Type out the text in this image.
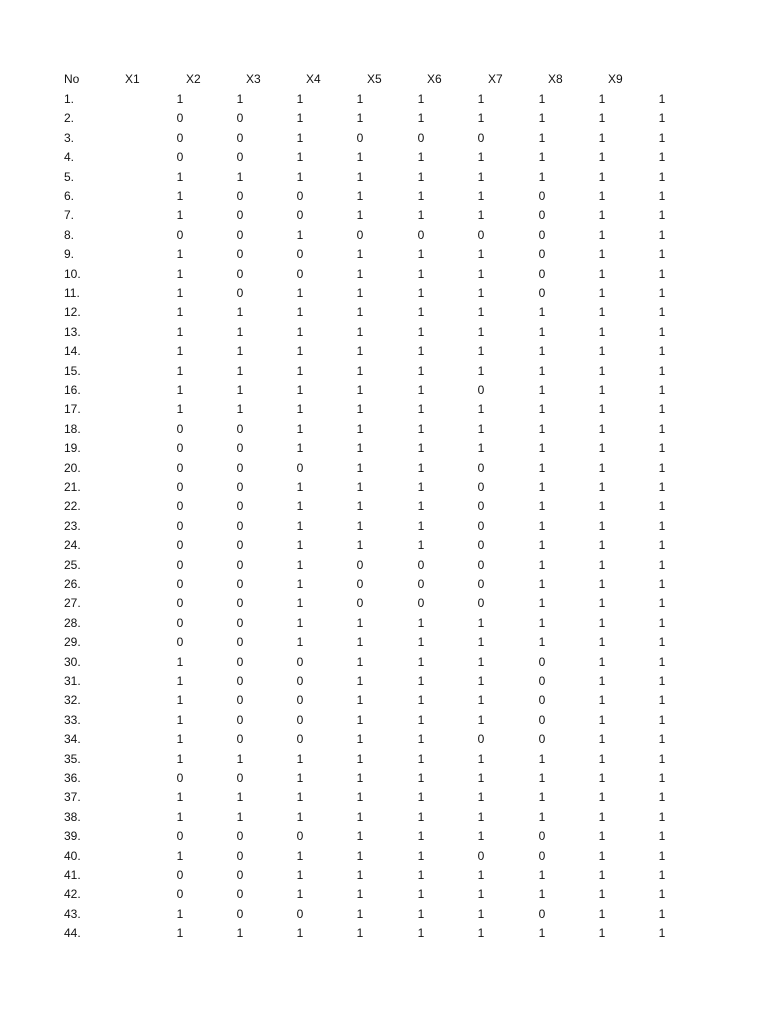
No	X1	X2	X3	X4	X5	X6	X7	X8	X9
1.	1	1	1	1	1	1	1	1	1
2.	0	0	1	1	1	1	1	1	1
3.	0	0	1	0	0	0	1	1	1
4.	0	0	1	1	1	1	1	1	1
5.	1	1	1	1	1	1	1	1	1
6.	1	0	0	1	1	1	0	1	1
7.	1	0	0	1	1	1	0	1	1
8.	0	0	1	0	0	0	0	1	1
9.	1	0	0	1	1	1	0	1	1
10.	1	0	0	1	1	1	0	1	1
11.	1	0	1	1	1	1	0	1	1
12.	1	1	1	1	1	1	1	1	1
13.	1	1	1	1	1	1	1	1	1
14.	1	1	1	1	1	1	1	1	1
15.	1	1	1	1	1	1	1	1	1
16.	1	1	1	1	1	0	1	1	1
17.	1	1	1	1	1	1	1	1	1
18.	0	0	1	1	1	1	1	1	1
19.	0	0	1	1	1	1	1	1	1
20.	0	0	0	1	1	0	1	1	1
21.	0	0	1	1	1	0	1	1	1
22.	0	0	1	1	1	0	1	1	1
23.	0	0	1	1	1	0	1	1	1
24.	0	0	1	1	1	0	1	1	1
25.	0	0	1	0	0	0	1	1	1
26.	0	0	1	0	0	0	1	1	1
27.	0	0	1	0	0	0	1	1	1
28.	0	0	1	1	1	1	1	1	1
29.	0	0	1	1	1	1	1	1	1
30.	1	0	0	1	1	1	0	1	1
31.	1	0	0	1	1	1	0	1	1
32.	1	0	0	1	1	1	0	1	1
33.	1	0	0	1	1	1	0	1	1
34.	1	0	0	1	1	0	0	1	1
35.	1	1	1	1	1	1	1	1	1
36.	0	0	1	1	1	1	1	1	1
37.	1	1	1	1	1	1	1	1	1
38.	1	1	1	1	1	1	1	1	1
39.	0	0	0	1	1	1	0	1	1
40.	1	0	1	1	1	0	0	1	1
41.	0	0	1	1	1	1	1	1	1
42.	0	0	1	1	1	1	1	1	1
43.	1	0	0	1	1	1	0	1	1
44.	1	1	1	1	1	1	1	1	1
